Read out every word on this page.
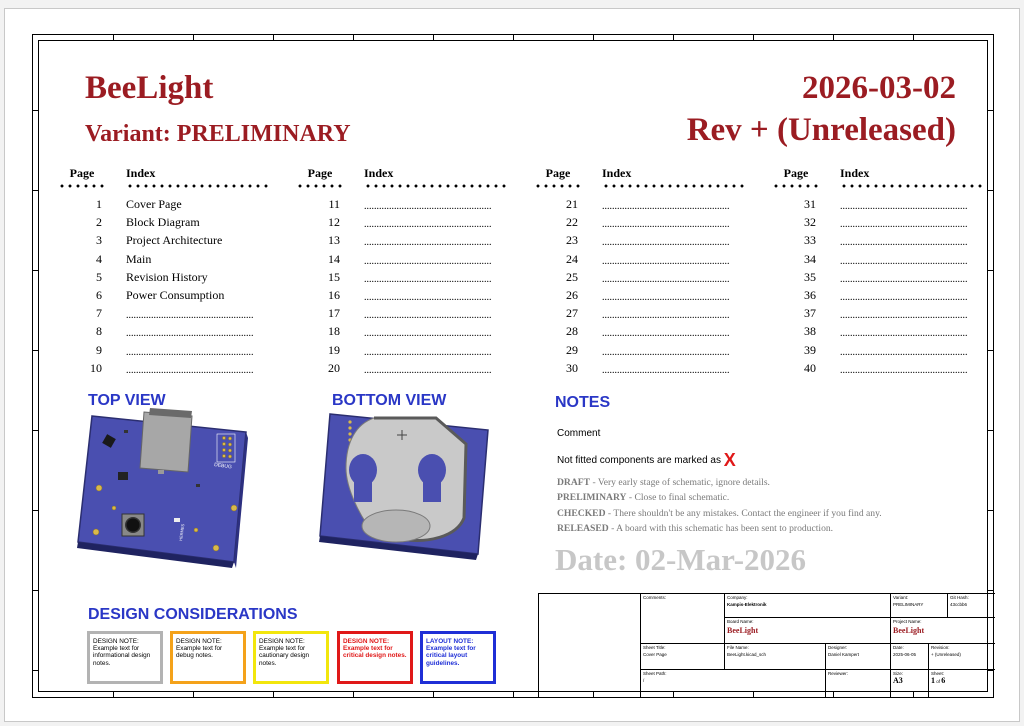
BeeLight
Variant: PRELIMINARY
2026-03-02
Rev + (Unreleased)
Page	Index
1 Cover Page
2 Block Diagram
3 Project Architecture
4 Main
5 Revision History
6 Power Consumption
7 ...................................................
8 ...................................................
9 ...................................................
10 ...................................................
Page	Index
11 ...................................................
12 ...................................................
13 ...................................................
14 ...................................................
15 ...................................................
16 ...................................................
17 ...................................................
18 ...................................................
19 ...................................................
20 ...................................................
Page	Index
21 ...................................................
22 ...................................................
23 ...................................................
24 ...................................................
25 ...................................................
26 ...................................................
27 ...................................................
28 ...................................................
29 ...................................................
30 ...................................................
Page	Index
31 ...................................................
32 ...................................................
33 ...................................................
34 ...................................................
35 ...................................................
36 ...................................................
37 ...................................................
38 ...................................................
39 ...................................................
40 ...................................................
TOP VIEW	BOTTOM VIEW
DEBUG
HERMES
NOTES
Comment
Not fitted components are marked as X
DRAFT - Very early stage of schematic, ignore details.
PRELIMINARY - Close to final schematic.
CHECKED - There shouldn't be any mistakes. Contact the engineer if you find any.
RELEASED - A board with this schematic has been sent to production.
Date: 02-Mar-2026
DESIGN CONSIDERATIONS
DESIGN NOTE:
Example text for informational design notes.
DESIGN NOTE:
Example text for debug notes.
DESIGN NOTE:
Example text for cautionary design notes.
DESIGN NOTE:
Example text for critical design notes.
LAYOUT NOTE:
Example text for critical layout guidelines.
Comments:	Company:
Kampis-Elektronik
Variant:
PRELIMINARY
Git Hash:
43ccbb6
Board Name:
BeeLight
Project Name:
BeeLight
Sheet Title:
Cover Page
File Name:
BeeLight.kicad_sch
Designer:
Daniel Kampert
Date:
2025-06-05
Revision:
+ (Unreleased)
Sheet Path:
/
Reviewer:	Size:
A3
Sheet:
1 of 6
